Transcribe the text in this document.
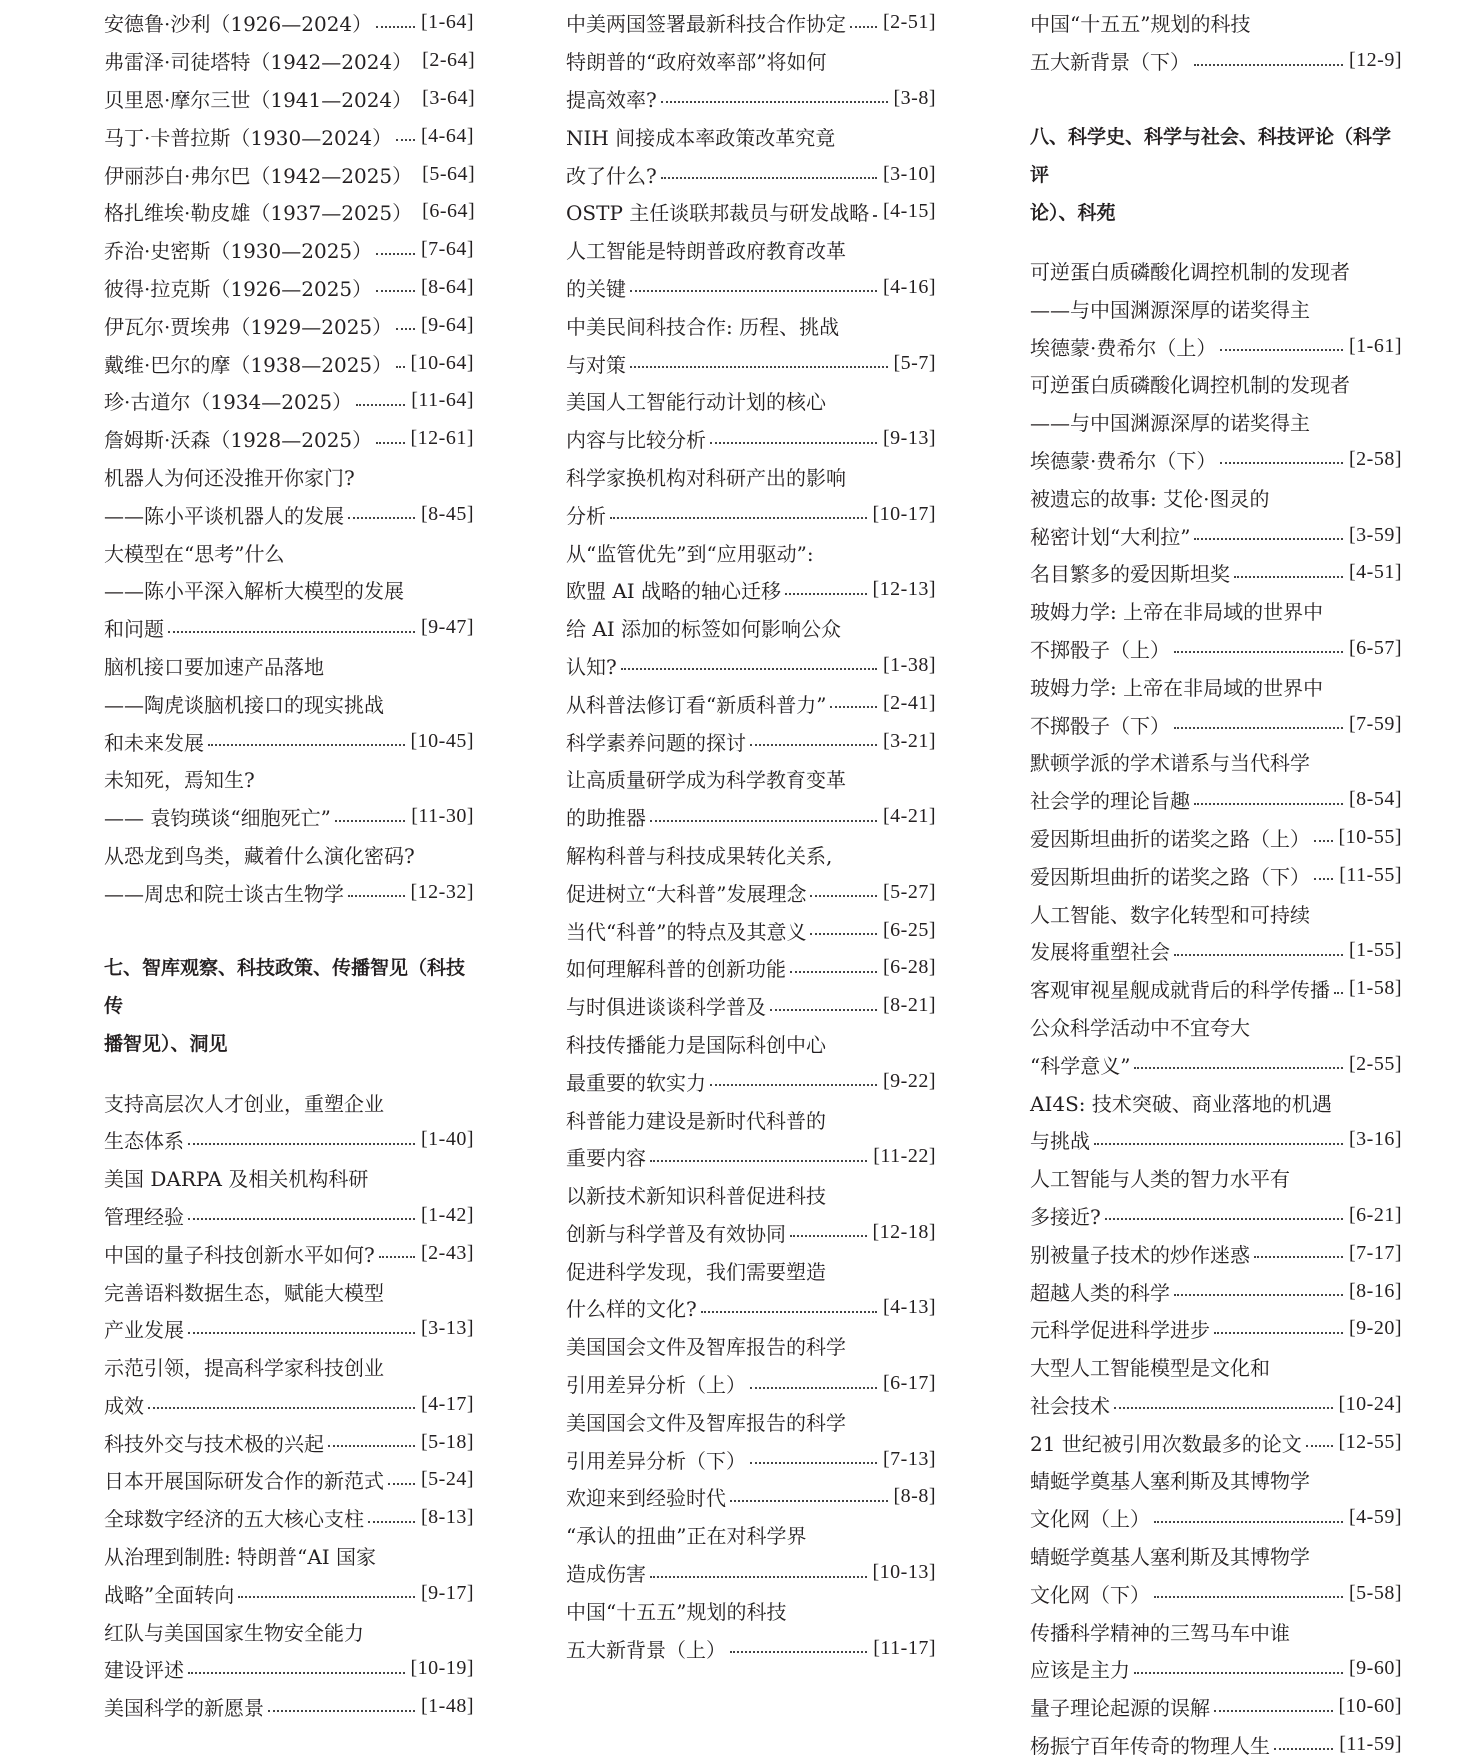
安德鲁·沙利（1926—2024） [1-64]
弗雷泽·司徒塔特（1942—2024） [2-64]
贝里恩·摩尔三世（1941—2024） [3-64]
马丁·卡普拉斯（1930—2024） [4-64]
伊丽莎白·弗尔巴（1942—2025） [5-64]
格扎维埃·勒皮雄（1937—2025） [6-64]
乔治·史密斯（1930—2025） [7-64]
彼得·拉克斯（1926—2025） [8-64]
伊瓦尔·贾埃弗（1929—2025） [9-64]
戴维·巴尔的摩（1938—2025） [10-64]
珍·古道尔（1934—2025）	[11-64]
詹姆斯·沃森（1928—2025） [12-61]
机器人为何还没推开你家门?
——陈小平谈机器人的发展	[8-45]
大模型在“思考”什么
——陈小平深入解析大模型的发展
和问题	[9-47]
脑机接口要加速产品落地
——陶虎谈脑机接口的现实挑战
和未来发展	[10-45]
未知死，焉知生?
—— 袁钧瑛谈“细胞死亡”	[11-30]
从恐龙到鸟类，藏着什么演化密码?
——周忠和院士谈古生物学	[12-32]
七、智库观察、科技政策、传播智见（科技传
播智见）、洞见
支持高层次人才创业，重塑企业
生态体系	[1-40]
美国 DARPA 及相关机构科研
管理经验	[1-42]
中国的量子科技创新水平如何? [2-43]
完善语料数据生态，赋能大模型
产业发展	[3-13]
示范引领，提高科学家科技创业
成效	[4-17]
科技外交与技术极的兴起	[5-18]
日本开展国际研发合作的新范式 [5-24]
全球数字经济的五大核心支柱	[8-13]
从治理到制胜: 特朗普“AI 国家
战略”全面转向	[9-17]
红队与美国国家生物安全能力
建设评述	[10-19]
美国科学的新愿景	[1-48]
中美两国签署最新科技合作协定 [2-51]
特朗普的“政府效率部”将如何
提高效率?	[3-8]
NIH 间接成本率政策改革究竟
改了什么?	[3-10]
OSTP 主任谈联邦裁员与研发战略 [4-15]
人工智能是特朗普政府教育改革
的关键	[4-16]
中美民间科技合作: 历程、挑战
与对策	[5-7]
美国人工智能行动计划的核心
内容与比较分析	[9-13]
科学家换机构对科研产出的影响
分析	[10-17]
从“监管优先”到“应用驱动”:
欧盟 AI 战略的轴心迁移	[12-13]
给 AI 添加的标签如何影响公众
认知?	[1-38]
从科普法修订看“新质科普力”	[2-41]
科学素养问题的探讨	[3-21]
让高质量研学成为科学教育变革
的助推器	[4-21]
解构科普与科技成果转化关系,
促进树立“大科普”发展理念	[5-27]
当代“科普”的特点及其意义	[6-25]
如何理解科普的创新功能	[6-28]
与时俱进谈谈科学普及	[8-21]
科技传播能力是国际科创中心
最重要的软实力	[9-22]
科普能力建设是新时代科普的
重要内容	[11-22]
以新技术新知识科普促进科技
创新与科学普及有效协同	[12-18]
促进科学发现，我们需要塑造
什么样的文化?	[4-13]
美国国会文件及智库报告的科学
引用差异分析（上）	[6-17]
美国国会文件及智库报告的科学
引用差异分析（下）	[7-13]
欢迎来到经验时代	[8-8]
“承认的扭曲”正在对科学界
造成伤害	[10-13]
中国“十五五”规划的科技
五大新背景（上）	[11-17]
中国“十五五”规划的科技
五大新背景（下）	[12-9]
八、科学史、科学与社会、科技评论（科学评
论）、科苑
可逆蛋白质磷酸化调控机制的发现者
——与中国渊源深厚的诺奖得主
埃德蒙·费希尔（上）	[1-61]
可逆蛋白质磷酸化调控机制的发现者
——与中国渊源深厚的诺奖得主
埃德蒙·费希尔（下）	[2-58]
被遗忘的故事: 艾伦·图灵的
秘密计划“大利拉”	[3-59]
名目繁多的爱因斯坦奖	[4-51]
玻姆力学: 上帝在非局域的世界中
不掷骰子（上）	[6-57]
玻姆力学: 上帝在非局域的世界中
不掷骰子（下）	[7-59]
默顿学派的学术谱系与当代科学
社会学的理论旨趣	[8-54]
爱因斯坦曲折的诺奖之路（上） [10-55]
爱因斯坦曲折的诺奖之路（下） [11-55]
人工智能、数字化转型和可持续
发展将重塑社会	[1-55]
客观审视星舰成就背后的科学传播 [1-58]
公众科学活动中不宜夸大
“科学意义”	[2-55]
AI4S: 技术突破、商业落地的机遇
与挑战	[3-16]
人工智能与人类的智力水平有
多接近?	[6-21]
别被量子技术的炒作迷惑	[7-17]
超越人类的科学	[8-16]
元科学促进科学进步	[9-20]
大型人工智能模型是文化和
社会技术	[10-24]
21 世纪被引用次数最多的论文 [12-55]
蜻蜓学奠基人塞利斯及其博物学
文化网（上）	[4-59]
蜻蜓学奠基人塞利斯及其博物学
文化网（下）	[5-58]
传播科学精神的三驾马车中谁
应该是主力	[9-60]
量子理论起源的误解	[10-60]
杨振宁百年传奇的物理人生	[11-59]
